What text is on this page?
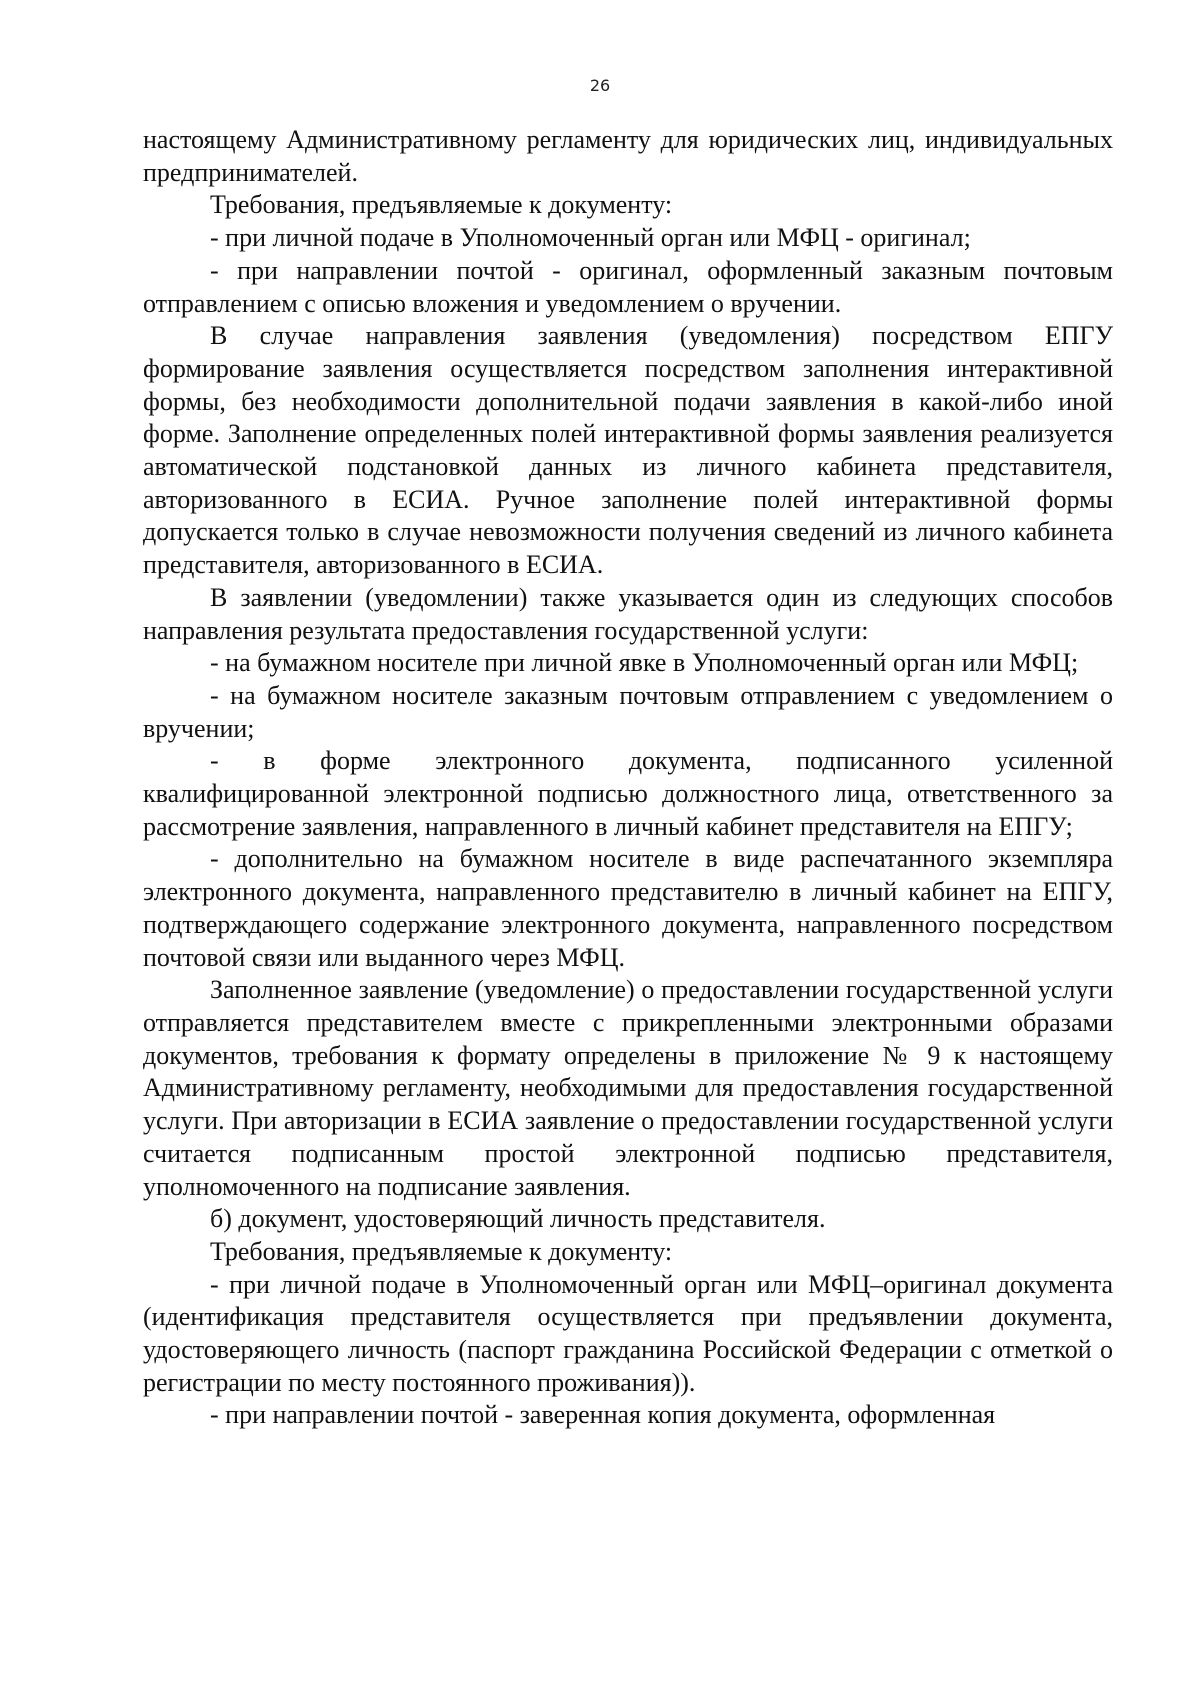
26

настоящему Административному регламенту для юридических лиц, индивидуальных предпринимателей.

Требования, предъявляемые к документу:

- при личной подаче в Уполномоченный орган или МФЦ - оригинал;

- при направлении почтой - оригинал, оформленный заказным почтовым отправлением с описью вложения и уведомлением о вручении.

В случае направления заявления (уведомления) посредством ЕПГУ формирование заявления осуществляется посредством заполнения интерактивной формы, без необходимости дополнительной подачи заявления в какой-либо иной форме. Заполнение определенных полей интерактивной формы заявления реализуется автоматической подстановкой данных из личного кабинета представителя, авторизованного в ЕСИА. Ручное заполнение полей интерактивной формы допускается только в случае невозможности получения сведений из личного кабинета представителя, авторизованного в ЕСИА.

В заявлении (уведомлении) также указывается один из следующих способов направления результата предоставления государственной услуги:

- на бумажном носителе при личной явке в Уполномоченный орган или МФЦ;

- на бумажном носителе заказным почтовым отправлением с уведомлением о вручении;

- в форме электронного документа, подписанного усиленной квалифицированной электронной подписью должностного лица, ответственного за рассмотрение заявления, направленного в личный кабинет представителя на ЕПГУ;

- дополнительно на бумажном носителе в виде распечатанного экземпляра электронного документа, направленного представителю в личный кабинет на ЕПГУ, подтверждающего содержание электронного документа, направленного посредством почтовой связи или выданного через МФЦ.

Заполненное заявление (уведомление) о предоставлении государственной услуги отправляется представителем вместе с прикрепленными электронными образами документов, требования к формату определены в приложение № 9 к настоящему Административному регламенту, необходимыми для предоставления государственной услуги. При авторизации в ЕСИА заявление о предоставлении государственной услуги считается подписанным простой электронной подписью представителя, уполномоченного на подписание заявления.

б) документ, удостоверяющий личность представителя.

Требования, предъявляемые к документу:

- при личной подаче в Уполномоченный орган или МФЦ–оригинал документа (идентификация представителя осуществляется при предъявлении документа, удостоверяющего личность (паспорт гражданина Российской Федерации с отметкой о регистрации по месту постоянного проживания)).

- при направлении почтой - заверенная копия документа, оформленная
